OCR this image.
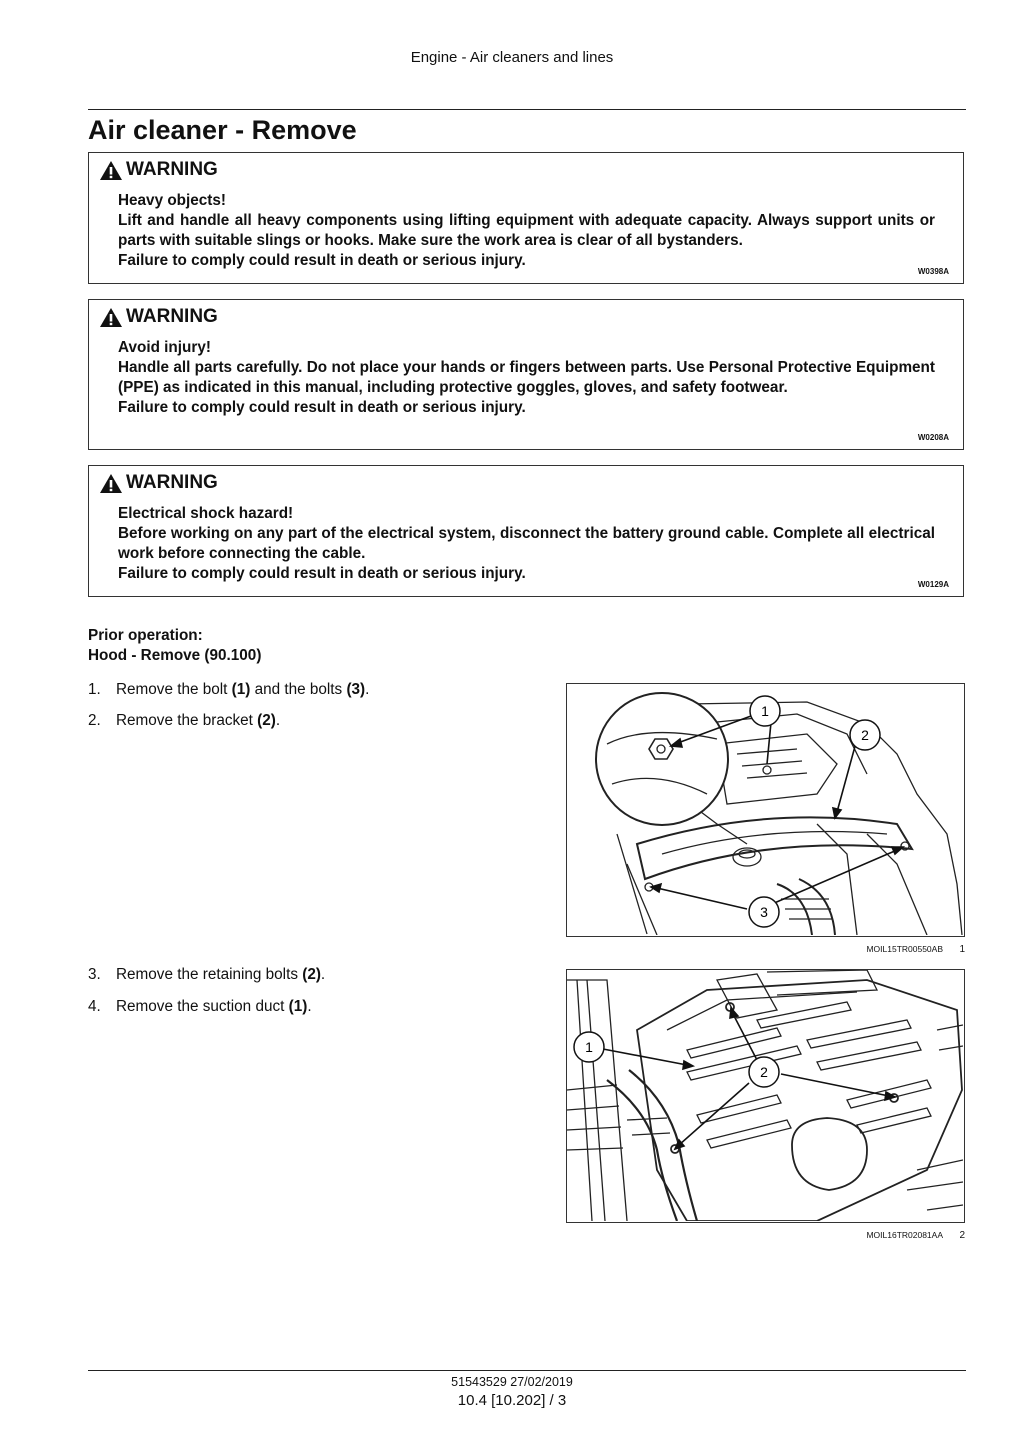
Engine - Air cleaners and lines
Air cleaner - Remove
WARNING
Heavy objects!
Lift and handle all heavy components using lifting equipment with adequate capacity. Always support units or parts with suitable slings or hooks. Make sure the work area is clear of all bystanders.
Failure to comply could result in death or serious injury.
W0398A
WARNING
Avoid injury!
Handle all parts carefully. Do not place your hands or fingers between parts. Use Personal Protective Equipment (PPE) as indicated in this manual, including protective goggles, gloves, and safety footwear.
Failure to comply could result in death or serious injury.
W0208A
WARNING
Electrical shock hazard!
Before working on any part of the electrical system, disconnect the battery ground cable. Complete all electrical work before connecting the cable.
Failure to comply could result in death or serious injury.
W0129A
Prior operation:
Hood - Remove (90.100)
1. Remove the bolt (1) and the bolts (3).
2. Remove the bracket (2).
3. Remove the retaining bolts (2).
4. Remove the suction duct (1).
1
2
3
MOIL15TR00550AB 1
1
2
MOIL16TR02081AA 2
51543529 27/02/2019
10.4 [10.202] / 3
